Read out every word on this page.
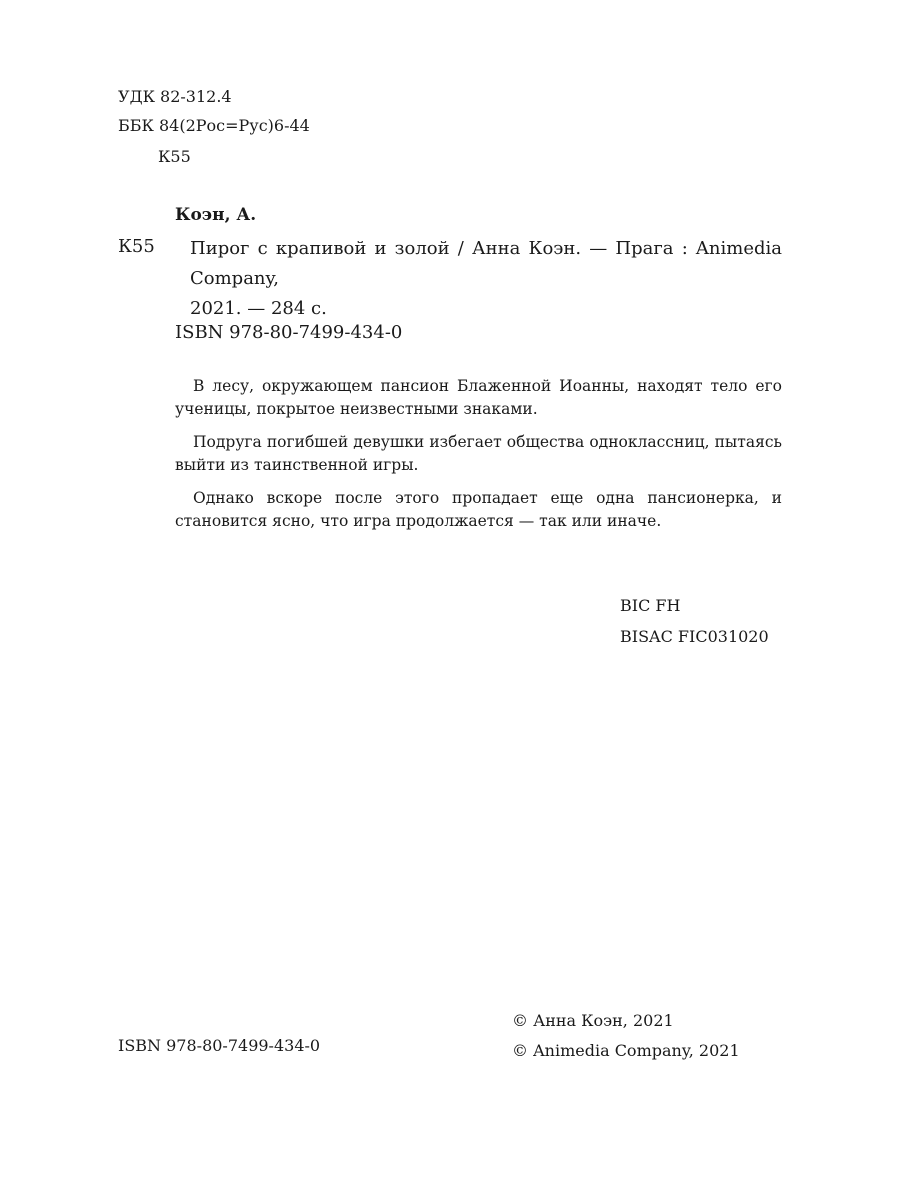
УДК 82-312.4
ББК 84(2Рос=Рус)6-44
К55
Коэн, А.
К55 Пирог с крапивой и золой / Анна Коэн. — Прага : Animedia Company,
2021. — 284 с.
ISBN 978-80-7499-434-0

В лесу, окружающем пансион Блаженной Иоанны, находят тело его ученицы, покрытое неизвестными знаками.

Подруга погибшей девушки избегает общества одноклассниц, пытаясь выйти из таинственной игры.

Однако вскоре после этого пропадает еще одна пансионерка, и становится ясно, что игра продолжается — так или иначе.

BIC FH
BISAC FIC031020
ISBN 978-80-7499-434-0
© Анна Коэн, 2021
© Animedia Company, 2021
